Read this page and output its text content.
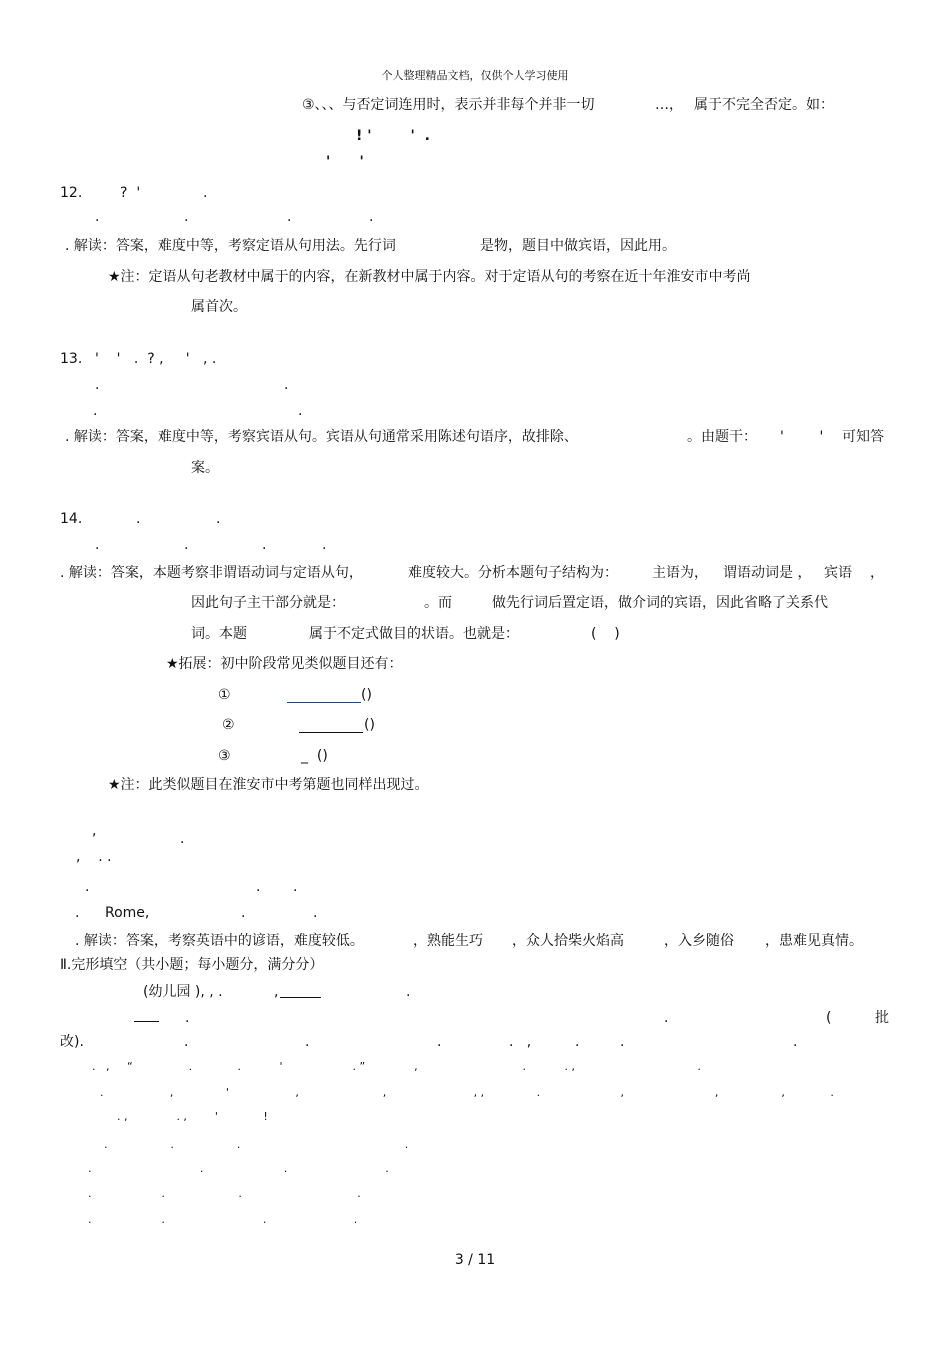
个人整理精品文档，仅供个人学习使用
③、、、与否定词连用时，表示并非每个并非一切	…， 属于不完全否定。如：
! '        '  .
'      '
12.	?  '	.
.	.	.	.
. 解读：答案，难度中等，考察定语从句用法。先行词	是物，题目中做宾语，因此用。
★注：定语从句老教材中属于的内容，在新教材中属于内容。对于定语从句的考察在近十年淮安市中考尚
属首次。
13. '    '   .  ? ,     '   , .
.	.
.	.
. 解读：答案，难度中等，考察宾语从句。宾语从句通常采用陈述句语序，故排除、	。由题干： '        ' 可知答
案。
14.	.	.
.	.	.	.
. 解读：答案，本题考察非谓语动词与定语从句，	难度较大。分析本题句子结构为： 主语为， 谓语动词是 ， 宾语 ，
因此句子主干部分就是：	。而	做先行词后置定语，做介词的宾语，因此省略了关系代
词。本题	属于不定式做目的状语。也就是：	(    )
★拓展：初中阶段常见类似题目还有：
①	()
②	()
③	_  ()
★注：此类似题目在淮安市中考第题也同样出现过。
,	.
,    . .
.	. .
. Rome,	.	.
. 解读：答案，考察英语中的谚语，难度较低。	，熟能生巧 ，众人拾柴火焰高	，入乡随俗 ，患难见真情。
Ⅱ.完形填空（共小题；每小题分，满分分）
(幼儿园 ), , .	,	.
.	.	(	批
改).	.	.	.	.   ,	.	.	.
.   ,     “                .             .           '                    . ”              ,                              .           . ,                                   .
.                   ,               '                   ,                        ,                         , ,               .                       ,                          ,                  ,             .
. ,              . ,        '             !
.                  .                  .                                               .
.                               .                       .                            .
.                    .                     .                                 .
.                    .                            .                         .
3 / 11
